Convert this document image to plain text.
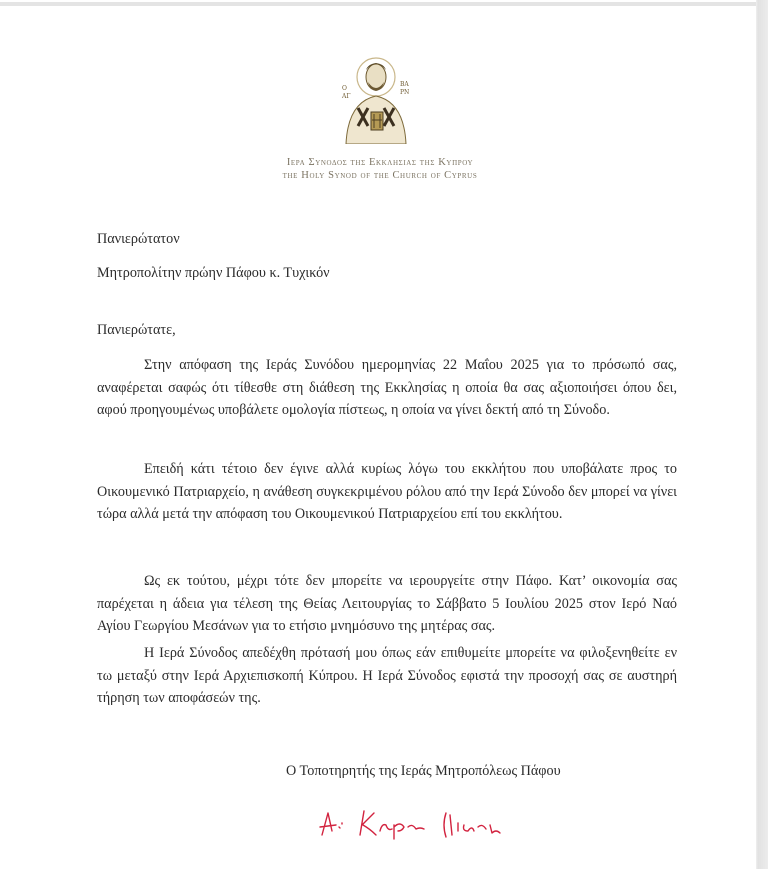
Ο
ΑΓ
ΒΑ
ΡΝ
Ιερα Συνοδος της Εκκλησιας της Κυπρου
the Holy Synod of the Church of Cyprus
Πανιερώτατον
Μητροπολίτην πρώην Πάφου κ. Τυχικόν
Πανιερώτατε,
Στην απόφαση της Ιεράς Συνόδου ημερομηνίας 22 Μαΐου 2025 για το πρόσωπό σας, αναφέρεται σαφώς ότι τίθεσθε στη διάθεση της Εκκλησίας η οποία θα σας αξιοποιήσει όπου δει, αφού προηγουμένως υποβάλετε ομολογία πίστεως, η οποία να γίνει δεκτή από τη Σύνοδο.
Επειδή κάτι τέτοιο δεν έγινε αλλά κυρίως λόγω του εκκλήτου που υποβάλατε προς το Οικουμενικό Πατριαρχείο, η ανάθεση συγκεκριμένου ρόλου από την Ιερά Σύνοδο δεν μπορεί να γίνει τώρα αλλά μετά την απόφαση του Οικουμενικού Πατριαρχείου επί του εκκλήτου.
Ως εκ τούτου, μέχρι τότε δεν μπορείτε να ιερουργείτε στην Πάφο. Κατ’ οικονομία σας παρέχεται η άδεια για τέλεση της Θείας Λειτουργίας το Σάββατο 5 Ιουλίου 2025 στον Ιερό Ναό Αγίου Γεωργίου Μεσάνων για το ετήσιο μνημόσυνο της μητέρας σας.
Η Ιερά Σύνοδος απεδέχθη πρότασή μου όπως εάν επιθυμείτε μπορείτε να φιλοξενηθείτε εν τω μεταξύ στην Ιερά Αρχιεπισκοπή Κύπρου. Η Ιερά Σύνοδος εφιστά την προσοχή σας σε αυστηρή τήρηση των αποφάσεών της.
Ο Τοποτηρητής της Ιεράς Μητροπόλεως Πάφου
